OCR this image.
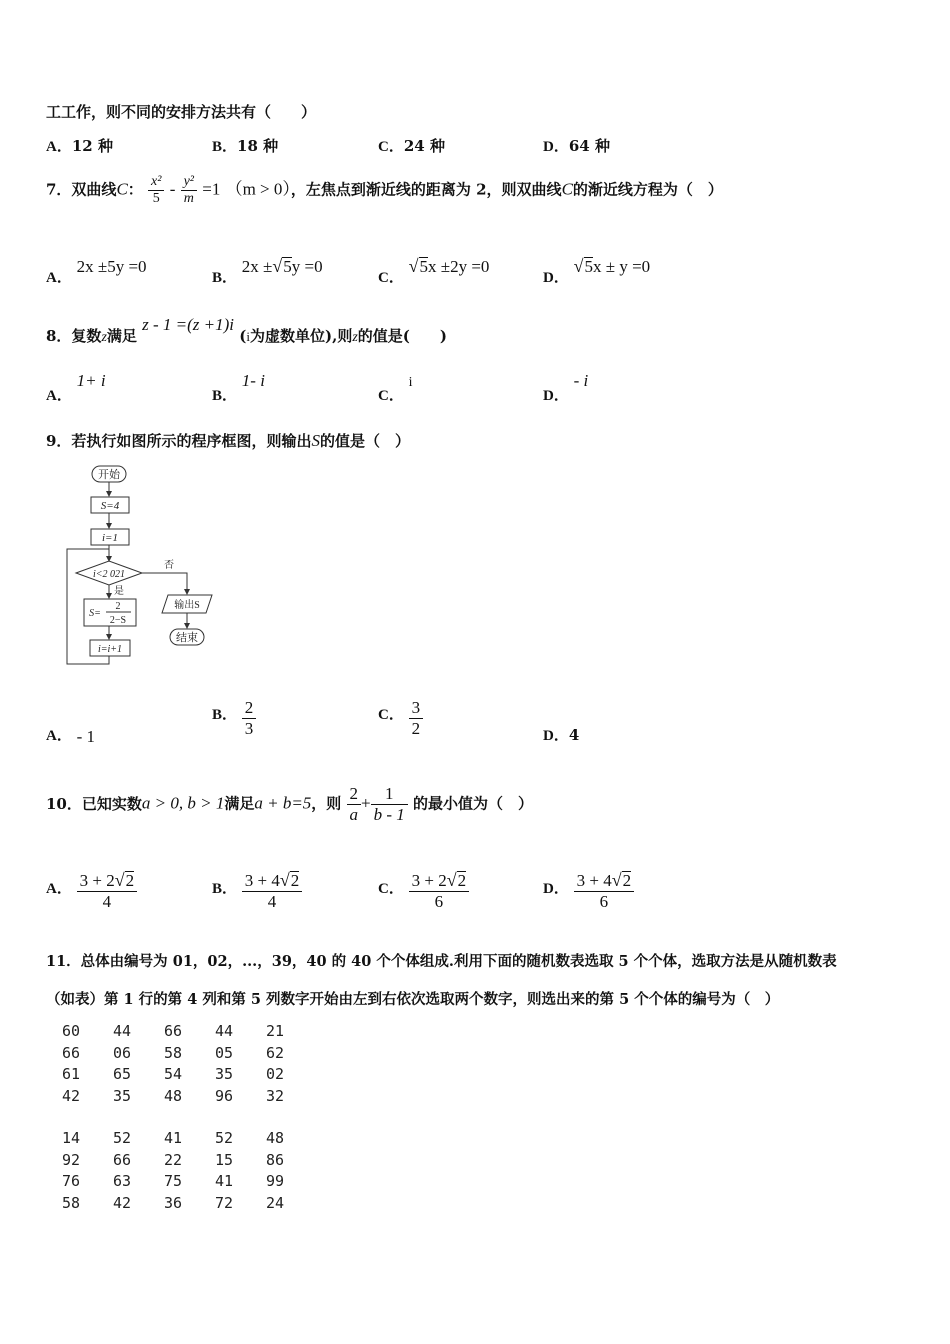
工工作，则不同的安排方法共有（　　）
A．12 种	B．18 种	C．24 种	D．64 种
7．双曲线C： $\frac{\text{x²}}{5} - \frac{\text{y²}}{m} =1$ （m > 0），左焦点到渐近线的距离为 2，则双曲线C的渐近线方程为（　）
A． 2x ±5y =0
B． 2x ±√5y =0
C． √5x ±2y =0
D． √5x ± y =0
8．复数z满足 z - 1 =(z +1)i (i为虚数单位),则z的值是(　　)
A． 1+ i
B． 1- i
C． i
D． - i
9．若执行如图所示的程序框图，则输出S的值是（　）
开始
S=4
i=1
i<2 021
否
是
S=
2
2−S
i=i+1
输出S
结束
A． - 1
B． $\frac{2}{3}$	C． $\frac{3}{2}$	D．4
10．已知实数a > 0, b > 1满足a + b=5，则 $\frac{2}{a} + \frac{1}{b - 1}$ 的最小值为（　）
A． $\frac{3 + 2√2}{4}$	B． $\frac{3 + 4√2}{4}$	C． $\frac{3 + 2√2}{6}$	D． $\frac{3 + 4√2}{6}$
11．总体由编号为 01，02，...，39，40 的 40 个个体组成.利用下面的随机数表选取 5 个个体，选取方法是从随机数表
（如表）第 1 行的第 4 列和第 5 列数字开始由左到右依次选取两个数字，则选出来的第 5 个个体的编号为（　）
60	44	66	44	21
66	06	58	05	62
61	65	54	35	02
42	35	48	96	32
14	52	41	52	48
92	66	22	15	86
76	63	75	41	99
58	42	36	72	24
